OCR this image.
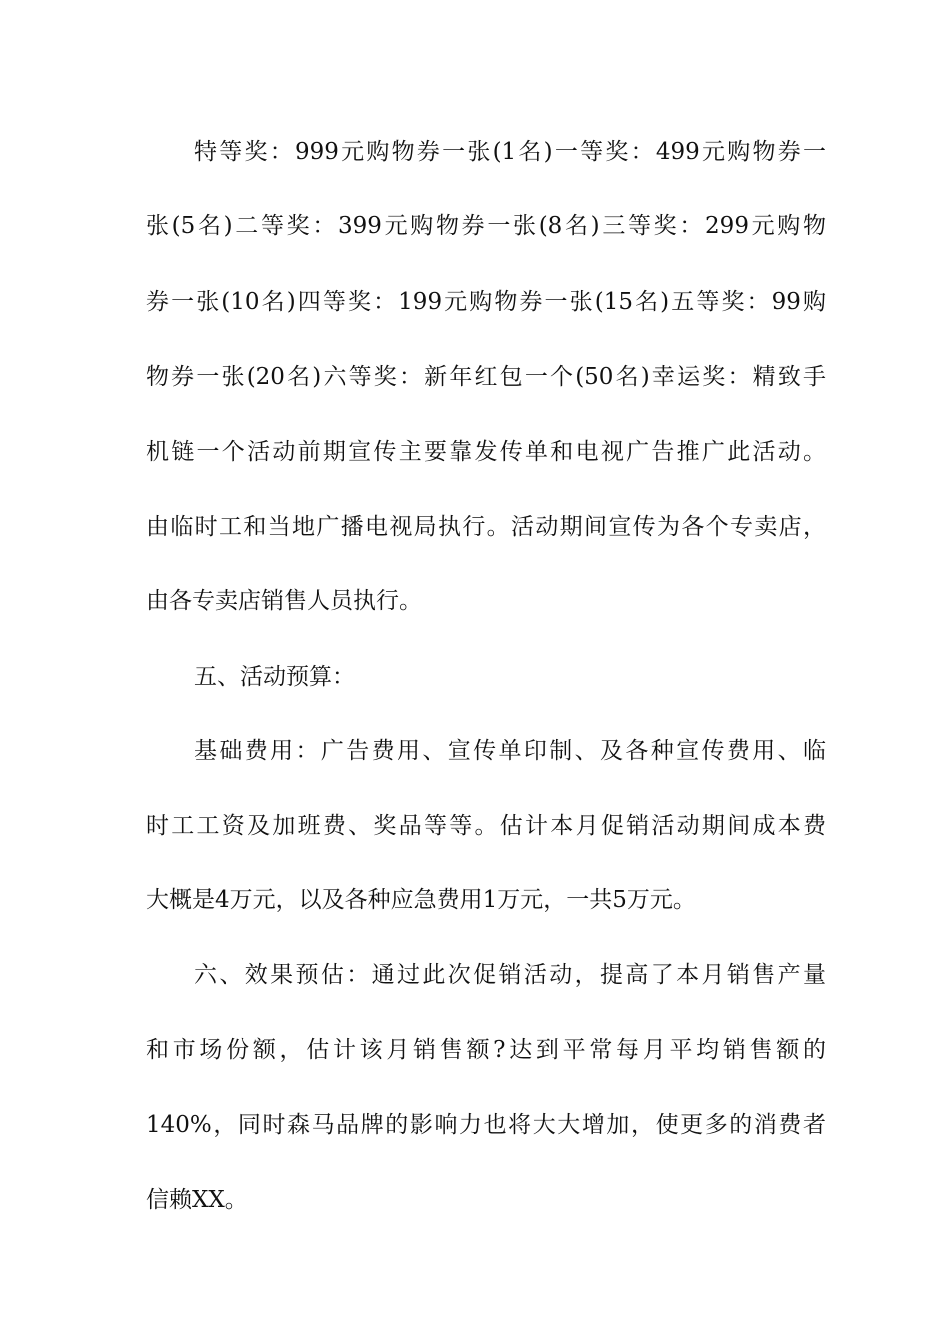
特等奖：999元购物券一张(1名)一等奖：499元购物券一
张(5名)二等奖：399元购物券一张(8名)三等奖：299元购物
券一张(10名)四等奖：199元购物券一张(15名)五等奖：99购
物券一张(20名)六等奖：新年红包一个(50名)幸运奖：精致手
机链一个活动前期宣传主要靠发传单和电视广告推广此活动。
由临时工和当地广播电视局执行。活动期间宣传为各个专卖店，
由各专卖店销售人员执行。
五、活动预算：
基础费用：广告费用、宣传单印制、及各种宣传费用、临
时工工资及加班费、奖品等等。估计本月促销活动期间成本费
大概是4万元，以及各种应急费用1万元，一共5万元。
六、效果预估：通过此次促销活动，提高了本月销售产量
和市场份额，估计该月销售额?达到平常每月平均销售额的
140%，同时森马品牌的影响力也将大大增加，使更多的消费者
信赖XX。
